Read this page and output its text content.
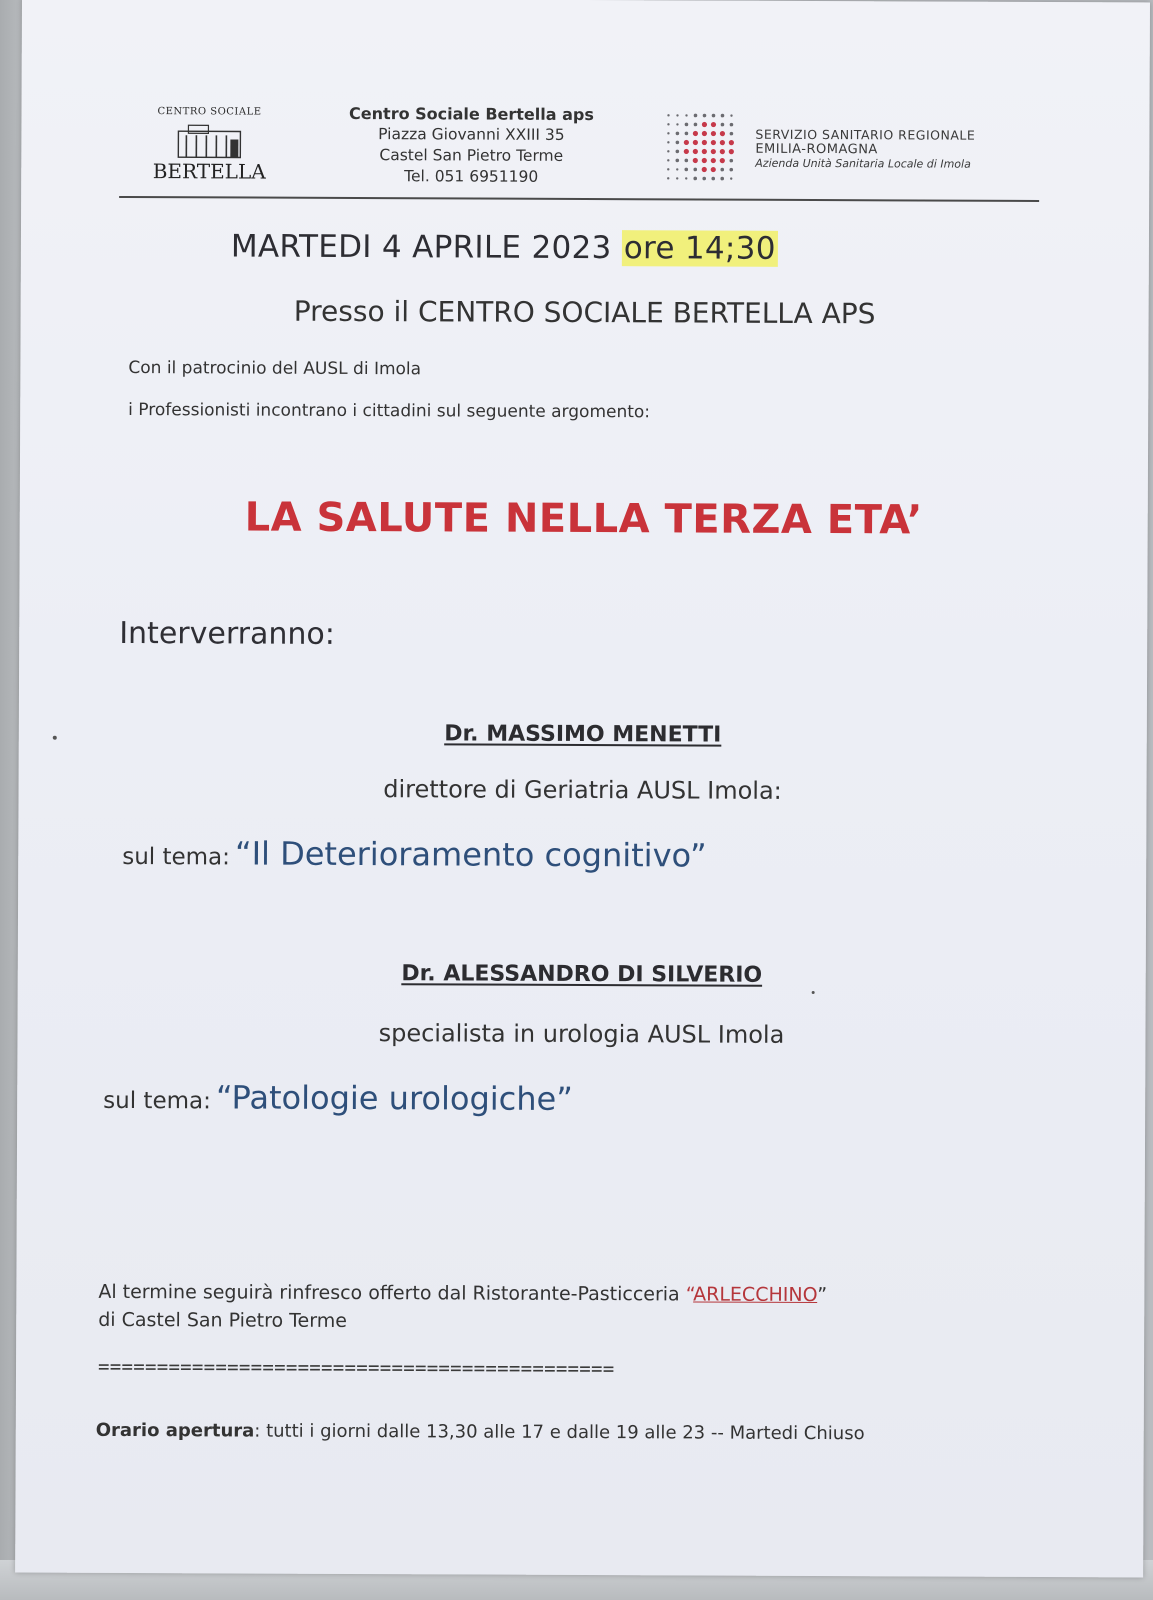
CENTRO SOCIALE
BERTELLA
Centro Sociale Bertella aps
Piazza Giovanni XXIII 35
Castel San Pietro Terme
Tel. 051 6951190
SERVIZIO SANITARIO REGIONALE
EMILIA-ROMAGNA
Azienda Unità Sanitaria Locale di Imola
MARTEDI 4 APRILE 2023 ore 14;30
Presso il CENTRO SOCIALE BERTELLA APS
Con il patrocinio del AUSL di Imola
i Professionisti incontrano i cittadini sul seguente argomento:
LA SALUTE NELLA TERZA ETA’
Interverranno:
Dr. MASSIMO MENETTI
direttore di Geriatria AUSL Imola:
sul tema: “Il Deterioramento cognitivo”
Dr. ALESSANDRO DI SILVERIO
specialista in urologia AUSL Imola
sul tema: “Patologie urologiche”
Al termine seguirà rinfresco offerto dal Ristorante-Pasticceria “ARLECCHINO”
di Castel San Pietro Terme
============================================
Orario apertura: tutti i giorni dalle 13,30 alle 17 e dalle 19 alle 23 -- Martedi Chiuso
